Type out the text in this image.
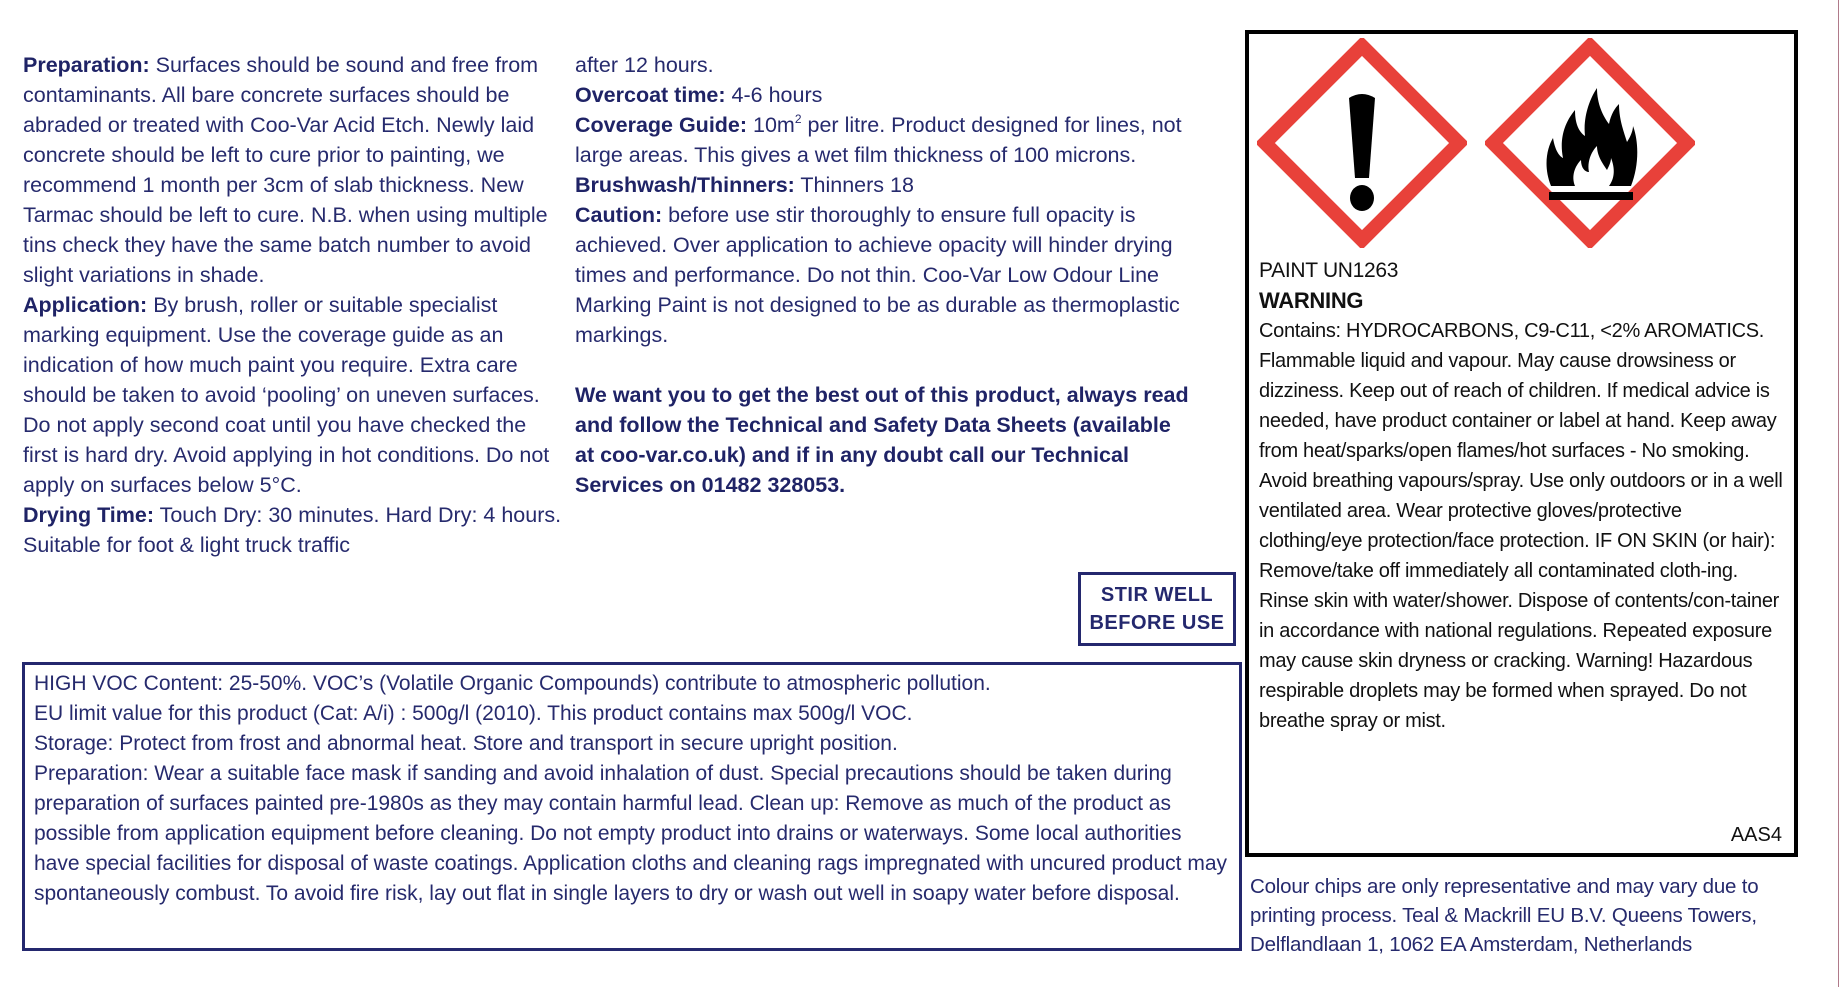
Preparation: Surfaces should be sound and free from contaminants. All bare concrete surfaces should be abraded or treated with Coo-Var Acid Etch. Newly laid concrete should be left to cure prior to painting, we recommend 1 month per 3cm of slab thickness. New Tarmac should be left to cure. N.B. when using multiple tins check they have the same batch number to avoid slight variations in shade.

Application: By brush, roller or suitable specialist marking equipment. Use the coverage guide as an indication of how much paint you require. Extra care should be taken to avoid ‘pooling’ on uneven surfaces. Do not apply second coat until you have checked the first is hard dry. Avoid applying in hot conditions. Do not apply on surfaces below 5°C.

Drying Time: Touch Dry: 30 minutes. Hard Dry: 4 hours. Suitable for foot & light truck traffic

after 12 hours.

Overcoat time: 4-6 hours

Coverage Guide: $10m^2$ per litre. Product designed for lines, not large areas. This gives a wet film thickness of 100 microns.

Brushwash/Thinners: Thinners 18

Caution: before use stir thoroughly to ensure full opacity is achieved. Over application to achieve opacity will hinder drying times and performance. Do not thin. Coo-Var Low Odour Line Marking Paint is not designed to be as durable as thermoplastic markings.

We want you to get the best out of this product, always read and follow the Technical and Safety Data Sheets (available at coo-var.co.uk) and if in any doubt call our Technical Services on 01482 328053.

STIR WELL
BEFORE USE

HIGH VOC Content: 25-50%. VOC’s (Volatile Organic Compounds) contribute to atmospheric pollution.

EU limit value for this product (Cat: A/i) : 500g/l (2010). This product contains max 500g/l VOC.

Storage: Protect from frost and abnormal heat. Store and transport in secure upright position.

Preparation: Wear a suitable face mask if sanding and avoid inhalation of dust. Special precautions should be taken during preparation of surfaces painted pre-1980s as they may contain harmful lead. Clean up: Remove as much of the product as possible from application equipment before cleaning. Do not empty product into drains or waterways. Some local authorities have special facilities for disposal of waste coatings. Application cloths and cleaning rags impregnated with uncured product may spontaneously combust. To avoid fire risk, lay out flat in single layers to dry or wash out well in soapy water before disposal.

PAINT UN1263

WARNING

Contains: HYDROCARBONS, C9-C11, <2% AROMATICS.

Flammable liquid and vapour. May cause drowsiness or dizziness. Keep out of reach of children. If medical advice is needed, have product container or label at hand. Keep away from heat/sparks/open flames/hot surfaces - No smoking.

Avoid breathing vapours/spray. Use only outdoors or in a well ventilated area. Wear protective gloves/protective clothing/eye protection/face protection. IF ON SKIN (or hair): Remove/take off immediately all contaminated cloth-ing. Rinse skin with water/shower. Dispose of contents/con-tainer in accordance with national regulations. Repeated exposure may cause skin dryness or cracking. Warning! Hazardous respirable droplets may be formed when sprayed. Do not breathe spray or mist.

AAS4
Colour chips are only representative and may vary due to printing process. Teal & Mackrill EU B.V. Queens Towers, Delflandlaan 1, 1062 EA Amsterdam, Netherlands
